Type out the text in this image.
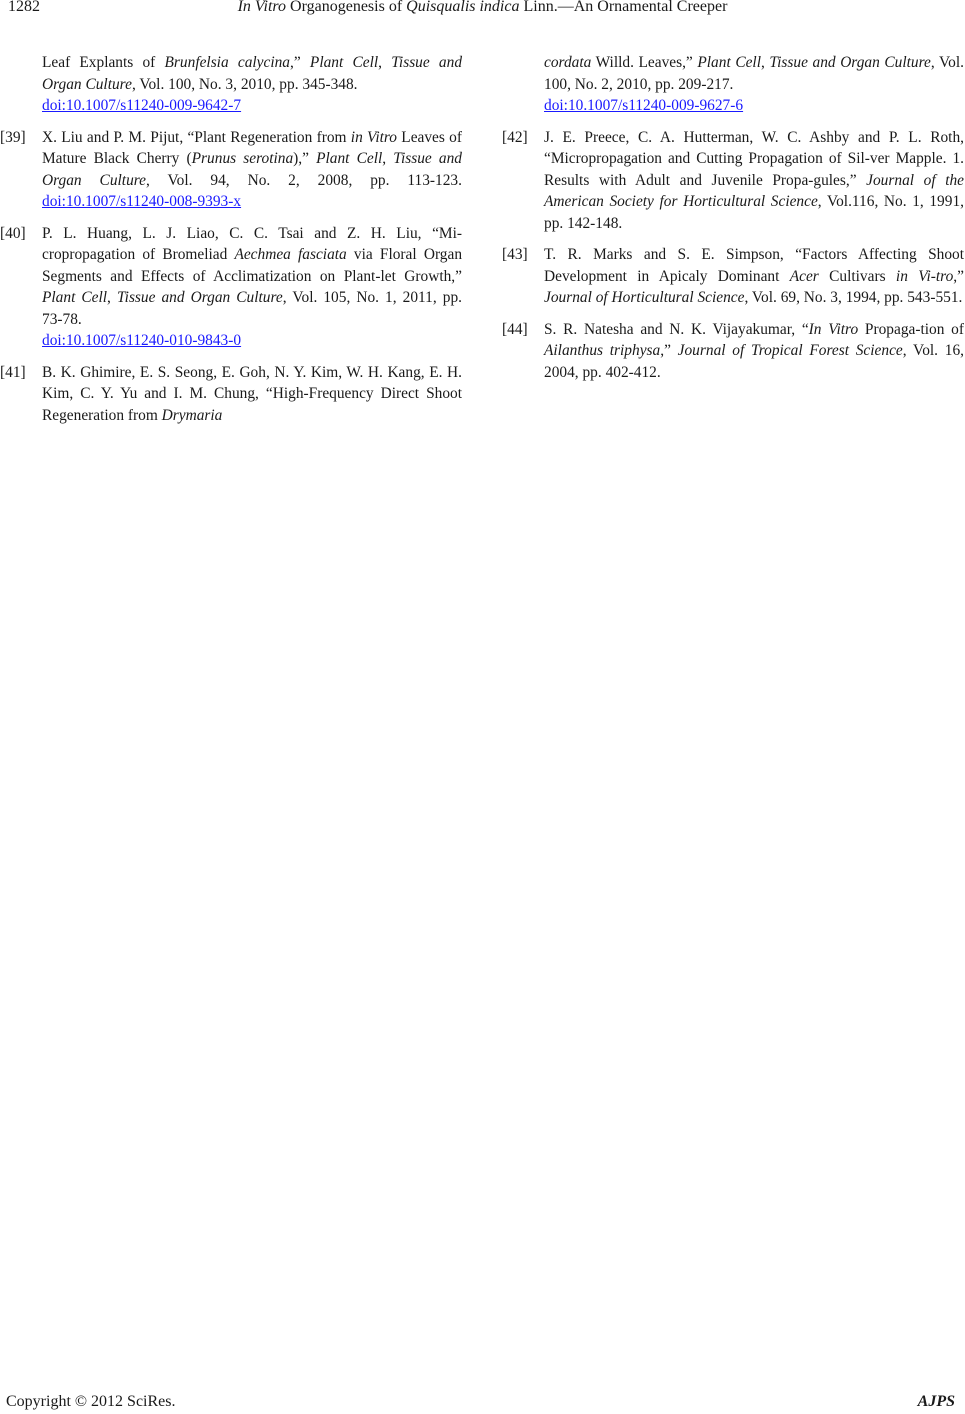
1282	In Vitro Organogenesis of Quisqualis indica Linn.—An Ornamental Creeper
Leaf Explants of Brunfelsia calycina,” Plant Cell, Tissue and Organ Culture, Vol. 100, No. 3, 2010, pp. 345-348.
doi:10.1007/s11240-009-9642-7
[39] X. Liu and P. M. Pijut, “Plant Regeneration from in Vitro Leaves of Mature Black Cherry (Prunus serotina),” Plant Cell, Tissue and Organ Culture, Vol. 94, No. 2, 2008, pp. 113-123. doi:10.1007/s11240-008-9393-x
[40] P. L. Huang, L. J. Liao, C. C. Tsai and Z. H. Liu, “Mi-cropropagation of Bromeliad Aechmea fasciata via Floral Organ Segments and Effects of Acclimatization on Plant-let Growth,” Plant Cell, Tissue and Organ Culture, Vol. 105, No. 1, 2011, pp. 73-78.
doi:10.1007/s11240-010-9843-0
[41] B. K. Ghimire, E. S. Seong, E. Goh, N. Y. Kim, W. H. Kang, E. H. Kim, C. Y. Yu and I. M. Chung, “High-Frequency Direct Shoot Regeneration from Drymaria
cordata Willd. Leaves,” Plant Cell, Tissue and Organ Culture, Vol. 100, No. 2, 2010, pp. 209-217.
doi:10.1007/s11240-009-9627-6
[42] J. E. Preece, C. A. Hutterman, W. C. Ashby and P. L. Roth, “Micropropagation and Cutting Propagation of Sil-ver Mapple. 1. Results with Adult and Juvenile Propa-gules,” Journal of the American Society for Horticultural Science, Vol.116, No. 1, 1991, pp. 142-148.
[43] T. R. Marks and S. E. Simpson, “Factors Affecting Shoot Development in Apicaly Dominant Acer Cultivars in Vi-tro,” Journal of Horticultural Science, Vol. 69, No. 3, 1994, pp. 543-551.
[44] S. R. Natesha and N. K. Vijayakumar, “In Vitro Propaga-tion of Ailanthus triphysa,” Journal of Tropical Forest Science, Vol. 16, 2004, pp. 402-412.
Copyright © 2012 SciRes.	AJPS
